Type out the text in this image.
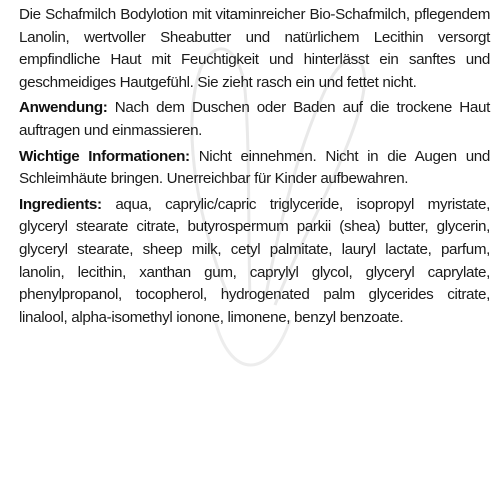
Die Schafmilch Bodylotion mit vitaminreicher Bio-Schafmilch, pflegendem Lanolin, wertvoller Sheabutter und natürlichem Lecithin versorgt empfindliche Haut mit Feuchtigkeit und hinterlässt ein sanftes und geschmeidiges Hautgefühl. Sie zieht rasch ein und fettet nicht.

Anwendung: Nach dem Duschen oder Baden auf die trockene Haut auftragen und einmassieren.

Wichtige Informationen: Nicht einnehmen. Nicht in die Augen und Schleimhäute bringen. Unerreichbar für Kinder aufbewahren.

Ingredients: aqua, caprylic/capric triglyceride, isopropyl myristate, glyceryl stearate citrate, butyrospermum parkii (shea) butter, glycerin, glyceryl stearate, sheep milk, cetyl palmitate, lauryl lactate, parfum, lanolin, lecithin, xanthan gum, caprylyl glycol, glyceryl caprylate, phenylpropanol, tocopherol, hydrogenated palm glycerides citrate, linalool, alpha-isomethyl ionone, limonene, benzyl benzoate.
